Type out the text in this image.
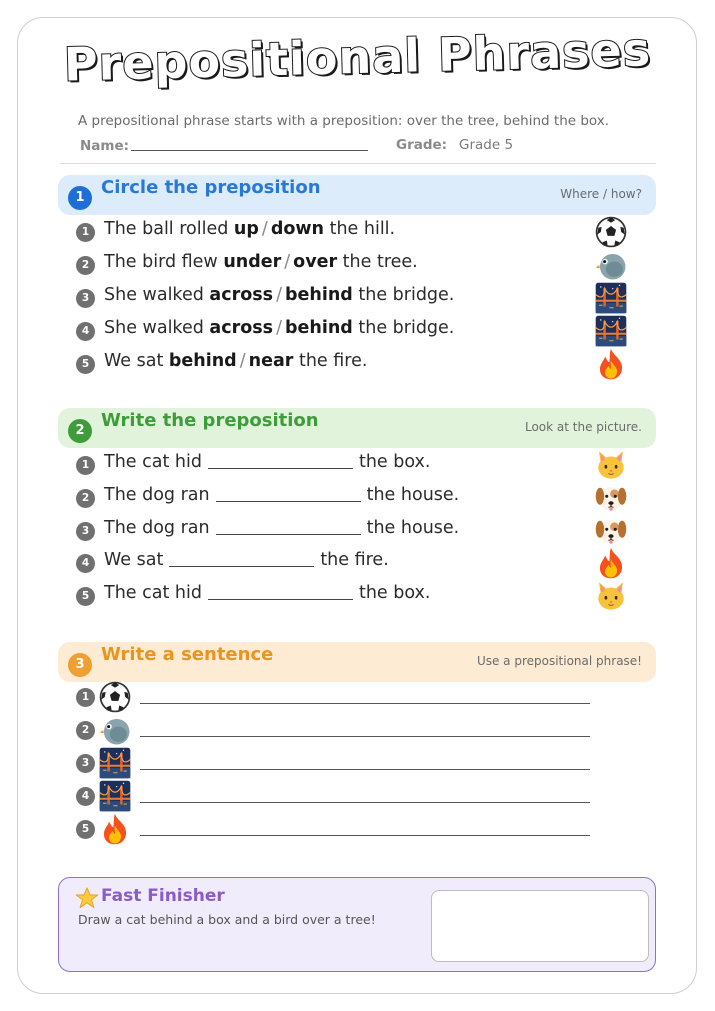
Prepositional Phrases
A prepositional phrase starts with a preposition: over the tree, behind the box.
Name:	Grade: Grade 5
1 Circle the preposition	Where / how?
1 The ball rolled up / down the hill.
2 The bird flew under / over the tree.
3 She walked across / behind the bridge.
4 She walked across / behind the bridge.
5 We sat behind / near the fire.
2 Write the preposition	Look at the picture.
1 The cat hid	the box.
2 The dog ran	the house.
3 The dog ran	the house.
4 We sat	the fire.
5 The cat hid	the box.
3 Write a sentence	Use a prepositional phrase!
1
2
3
4
5
Fast Finisher
Draw a cat behind a box and a bird over a tree!
